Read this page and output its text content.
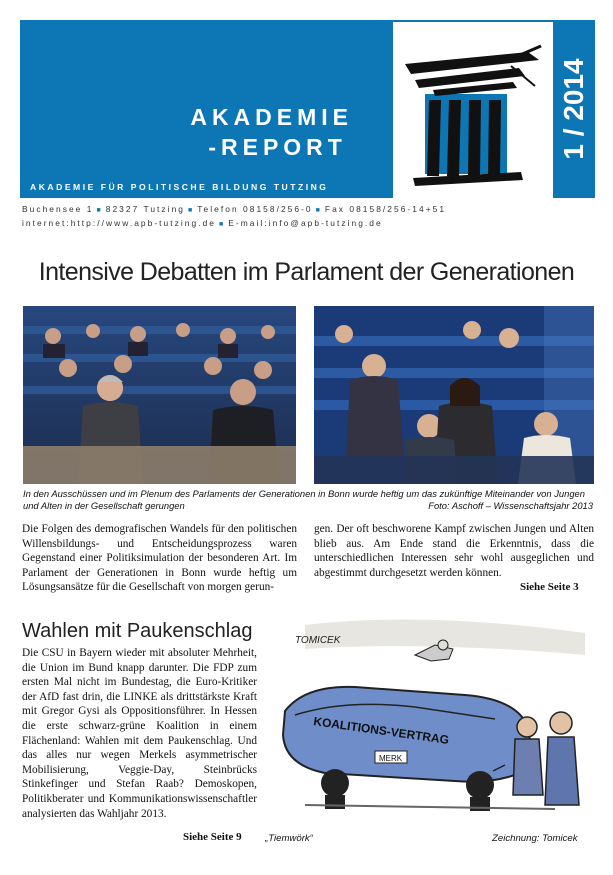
AKADEMIE
-REPORT
AKADEMIE FÜR POLITISCHE BILDUNG TUTZING
1 / 2014
Buchensee 1 ■ 82327 Tutzing ■ Telefon 08158/256-0 ■ Fax 08158/256-14+51
internet:http://www.apb-tutzing.de ■ E-mail:info@apb-tutzing.de
Intensive Debatten im Parlament der Generationen
In den Ausschüssen und im Plenum des Parlaments der Generationen in Bonn wurde heftig um das zukünftige Miteinander von Jungen und Alten in der Gesellschaft gerungen	Foto: Aschoff – Wissenschaftsjahr 2013
Die Folgen des demografischen Wandels für den politischen Willensbildungs- und Entscheidungsprozess waren Gegenstand einer Politiksimulation der besonderen Art. Im Parlament der Generationen in Bonn wurde heftig um Lösungsansätze für die Gesellschaft von morgen gerun-
gen. Der oft beschworene Kampf zwischen Jungen und Alten blieb aus. Am Ende stand die Erkenntnis, dass die unterschiedlichen Interessen sehr wohl ausgeglichen und abgestimmt durchgesetzt werden können.
Siehe Seite 3
Wahlen mit Paukenschlag
Die CSU in Bayern wieder mit absoluter Mehrheit, die Union im Bund knapp darunter. Die FDP zum ersten Mal nicht im Bundestag, die Euro-Kritiker der AfD fast drin, die LINKE als drittstärkste Kraft mit Gregor Gysi als Oppositionsführer. In Hessen die erste schwarz-grüne Koalition in einem Flächenland: Wahlen mit dem Paukenschlag. Und das alles nur wegen Merkels asymmetrischer Mobilisierung, Veggie-Day, Steinbrücks Stinkefinger und Stefan Raab? Demoskopen, Politikberater und Kommunikationswissenschaftler analysierten das Wahljahr 2013.
Siehe Seite 9
TOMICEK
KOALITIONS-VERTRAG
MERK
„Tiemwörk“	Zeichnung: Tomicek
